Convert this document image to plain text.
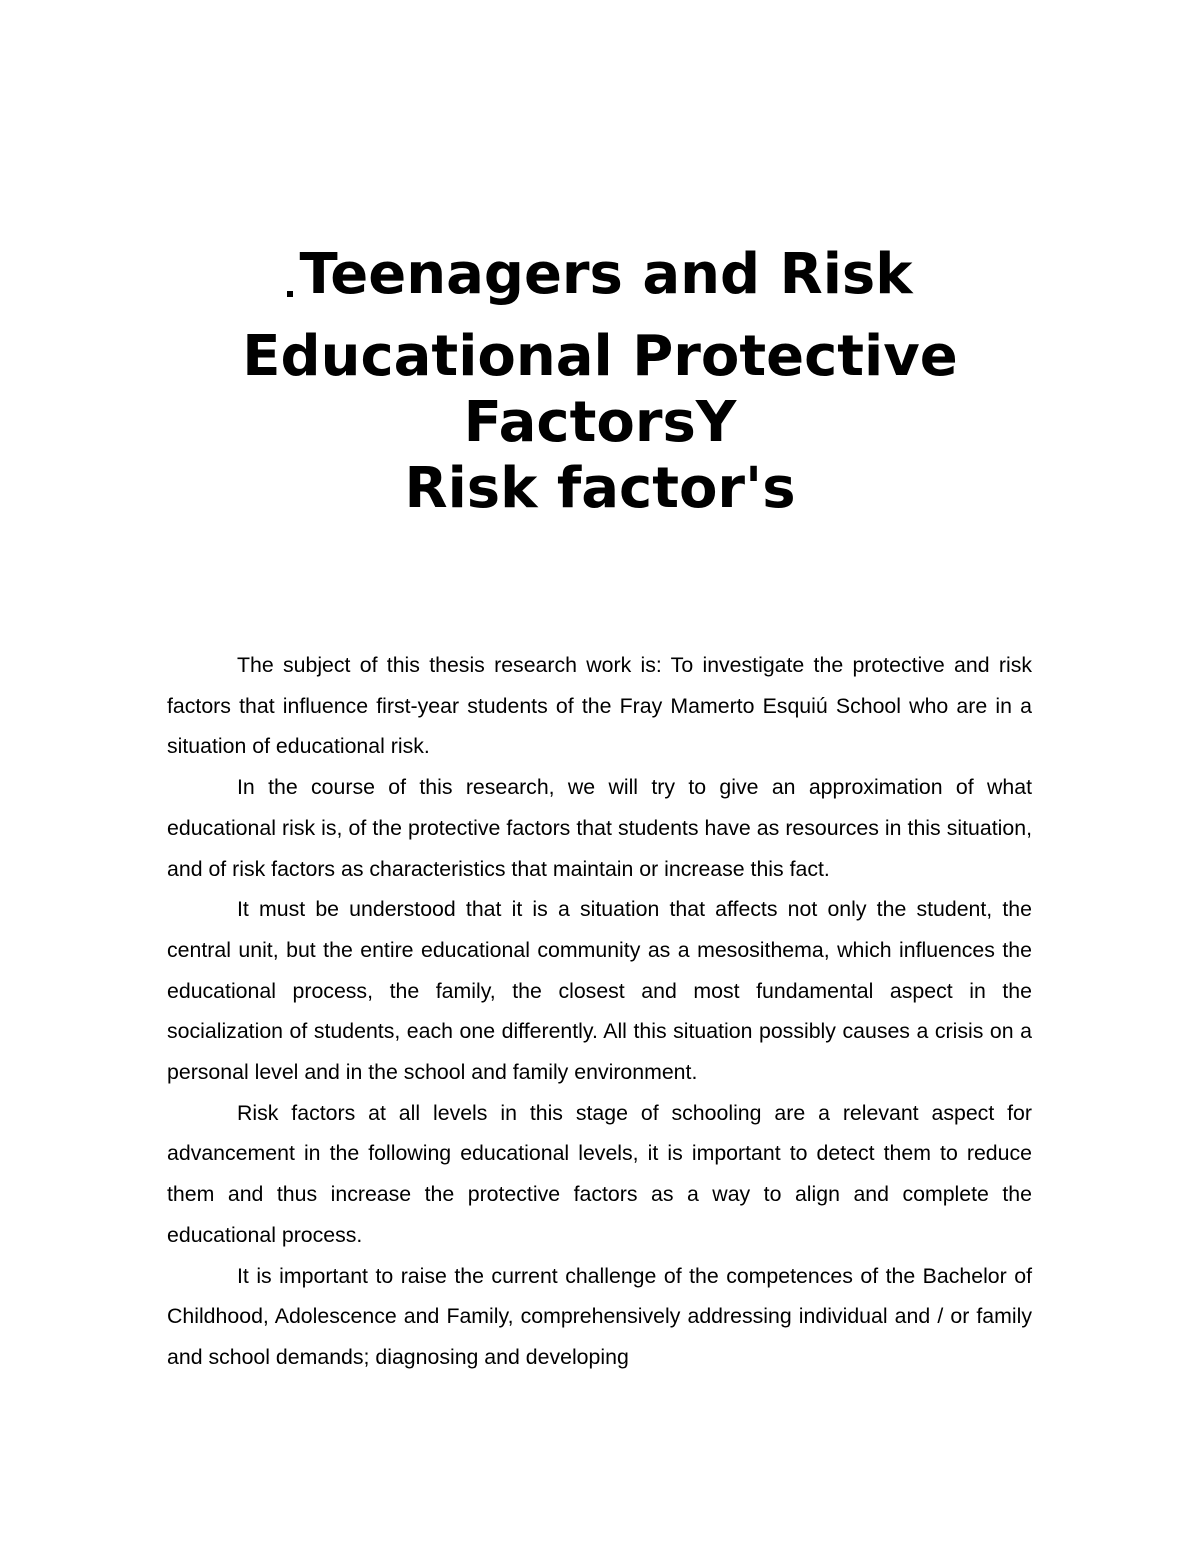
Teenagers and Risk
Educational Protective
FactorsY
Risk factor's

The subject of this thesis research work is: To investigate the protective and risk factors that influence first-year students of the Fray Mamerto Esquiú School who are in a situation of educational risk.

In the course of this research, we will try to give an approximation of what educational risk is, of the protective factors that students have as resources in this situation, and of risk factors as characteristics that maintain or increase this fact.

It must be understood that it is a situation that affects not only the student, the central unit, but the entire educational community as a mesosithema, which influences the educational process, the family, the closest and most fundamental aspect in the socialization of students, each one differently. All this situation possibly causes a crisis on a personal level and in the school and family environment.

Risk factors at all levels in this stage of schooling are a relevant aspect for advancement in the following educational levels, it is important to detect them to reduce them and thus increase the protective factors as a way to align and complete the educational process.

It is important to raise the current challenge of the competences of the Bachelor of Childhood, Adolescence and Family, comprehensively addressing individual and / or family and school demands; diagnosing and developing
